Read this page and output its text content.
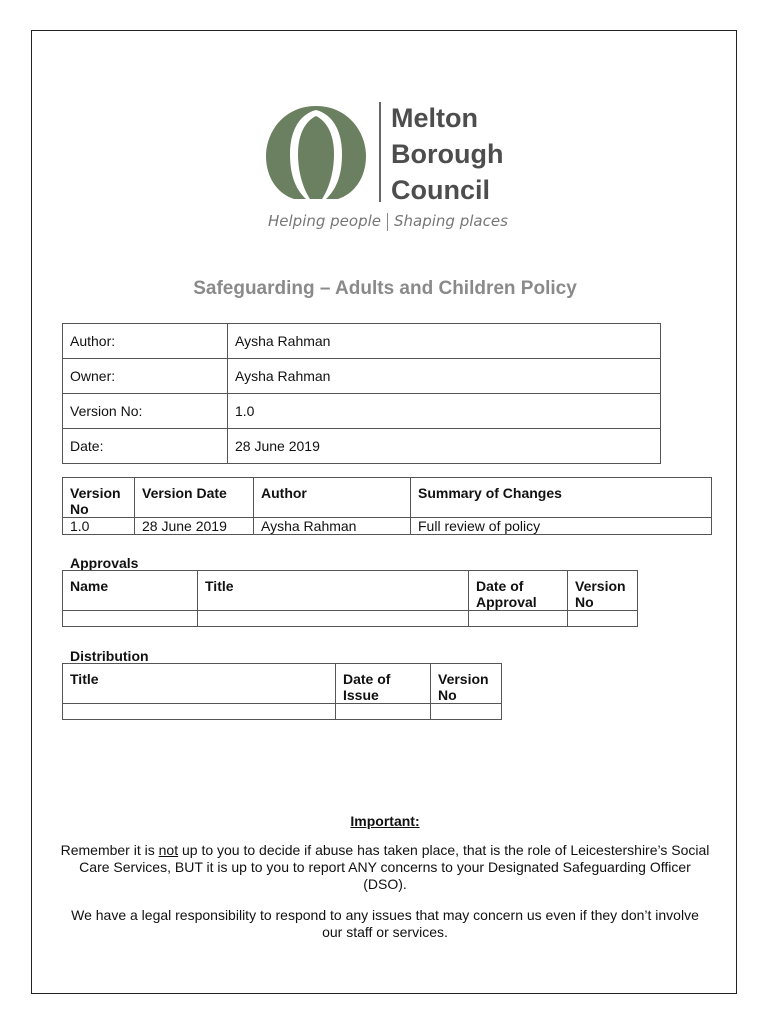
Melton
Borough
Council
Helping people Shaping places
Safeguarding – Adults and Children Policy
Author:	Aysha Rahman
Owner:	Aysha Rahman
Version No:	1.0
Date:	28 June 2019
Version No	Version Date	Author	Summary of Changes
1.0	28 June 2019	Aysha Rahman	Full review of policy
Approvals
Name	Title	Date of Approval	Version No

Distribution
Title	Date of Issue	Version No

Important:

Remember it is not up to you to decide if abuse has taken place, that is the role of Leicestershire’s Social Care Services, BUT it is up to you to report ANY concerns to your Designated Safeguarding Officer (DSO).

We have a legal responsibility to respond to any issues that may concern us even if they don’t involve our staff or services.
